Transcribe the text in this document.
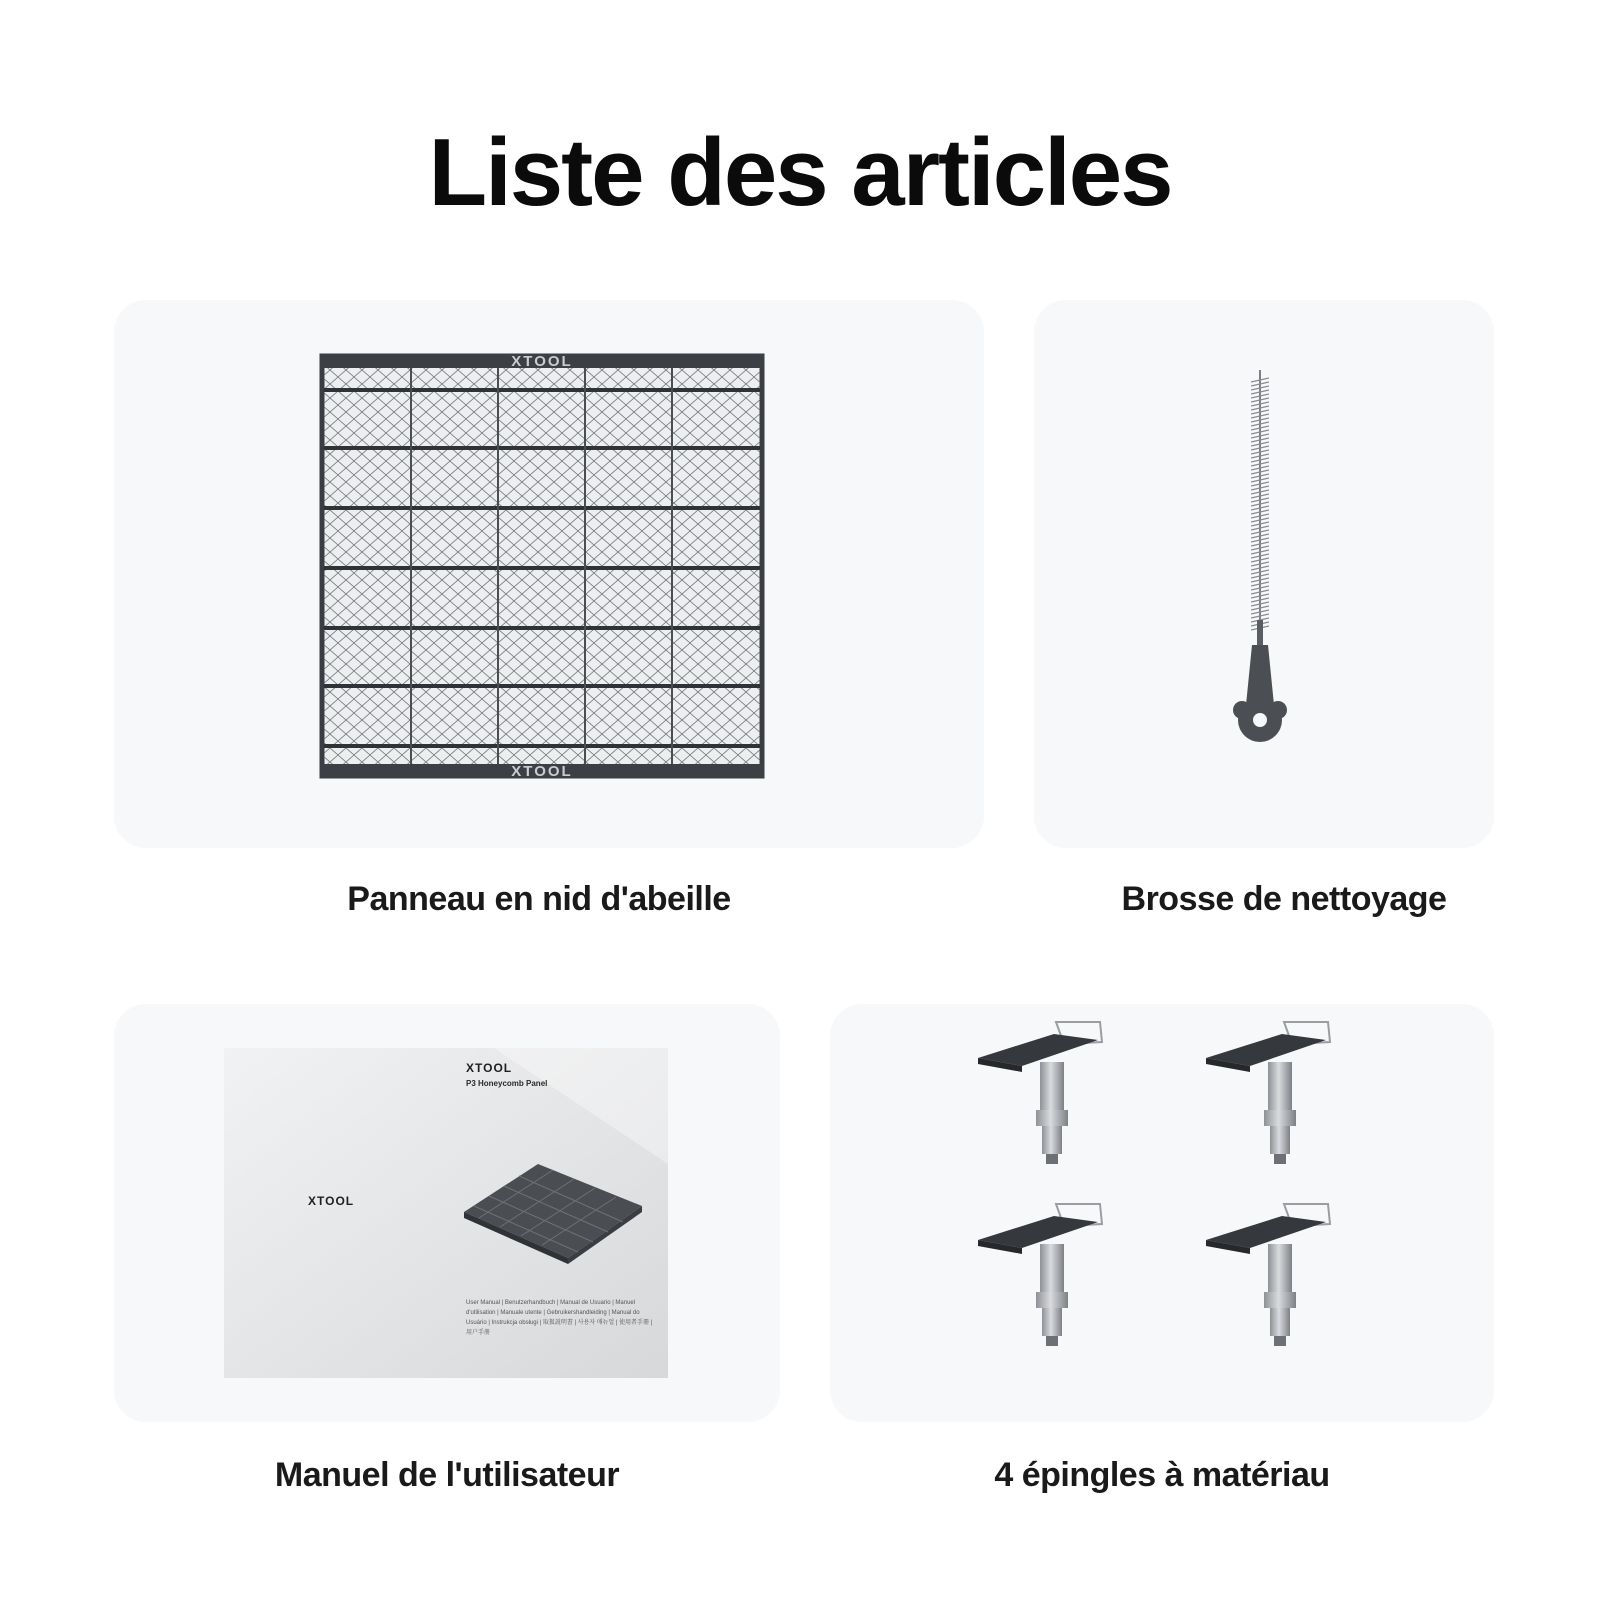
Liste des articles
XTOOL
XTOOL
Panneau en nid d'abeille	Brosse de nettoyage
XTOOL
P3 Honeycomb Panel
XTOOL
User Manual | Benutzerhandbuch | Manual de Usuario | Manuel
d'utilisation | Manuale utente | Gebruikershandleiding | Manual do
Usuário | Instrukcja obsługi | 取扱説明書 | 사용자 매뉴얼 | 使用者手冊 |
用户手册
Manuel de l'utilisateur	4 épingles à matériau
